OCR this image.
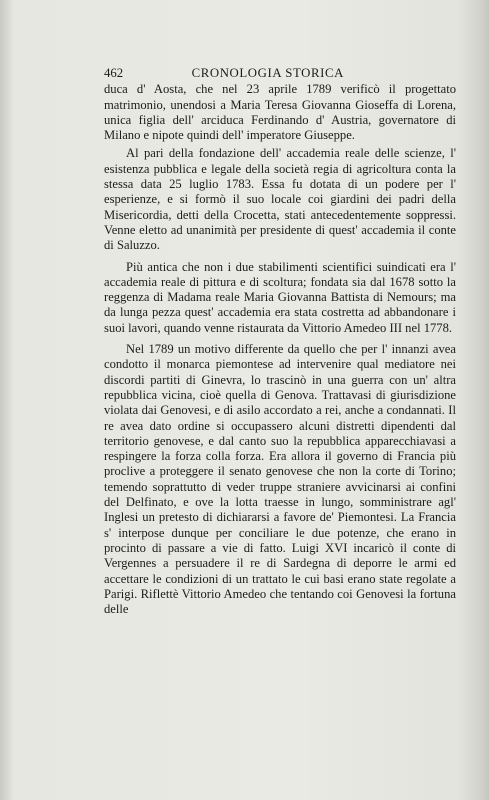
462	CRONOLOGIA STORICA

duca d' Aosta, che nel 23 aprile 1789 verificò il progettato matrimonio, unendosi a Maria Teresa Giovanna Gioseffa di Lorena, unica figlia dell' arciduca Ferdinando d' Austria, governatore di Milano e nipote quindi dell' imperatore Giuseppe.

Al pari della fondazione dell' accademia reale delle scienze, l' esistenza pubblica e legale della società regia di agricoltura conta la stessa data 25 luglio 1783. Essa fu dotata di un podere per l' esperienze, e si formò il suo locale coi giardini dei padri della Misericordia, detti della Crocetta, stati antecedentemente soppressi. Venne eletto ad unanimità per presidente di quest' accademia il conte di Saluzzo.

Più antica che non i due stabilimenti scientifici suindicati era l' accademia reale di pittura e di scoltura; fondata sia dal 1678 sotto la reggenza di Madama reale Maria Giovanna Battista di Nemours; ma da lunga pezza quest' accademia era stata costretta ad abbandonare i suoi lavori, quando venne ristaurata da Vittorio Amedeo III nel 1778.

Nel 1789 un motivo differente da quello che per l' innanzi avea condotto il monarca piemontese ad intervenire qual mediatore nei discordi partiti di Ginevra, lo trascinò in una guerra con un' altra repubblica vicina, cioè quella di Genova. Trattavasi di giurisdizione violata dai Genovesi, e di asilo accordato a rei, anche a condannati. Il re avea dato ordine si occupassero alcuni distretti dipendenti dal territorio genovese, e dal canto suo la repubblica apparecchiavasi a respingere la forza colla forza. Era allora il governo di Francia più proclive a proteggere il senato genovese che non la corte di Torino; temendo soprattutto di veder truppe straniere avvicinarsi ai confini del Delfinato, e ove la lotta traesse in lungo, somministrare agl' Inglesi un pretesto di dichiararsi a favore de' Piemontesi. La Francia s' interpose dunque per conciliare le due potenze, che erano in procinto di passare a vie di fatto. Luigi XVI incaricò il conte di Vergennes a persuadere il re di Sardegna di deporre le armi ed accettare le condizioni di un trattato le cui basi erano state regolate a Parigi. Riflettè Vittorio Amedeo che tentando coi Genovesi la fortuna delle
